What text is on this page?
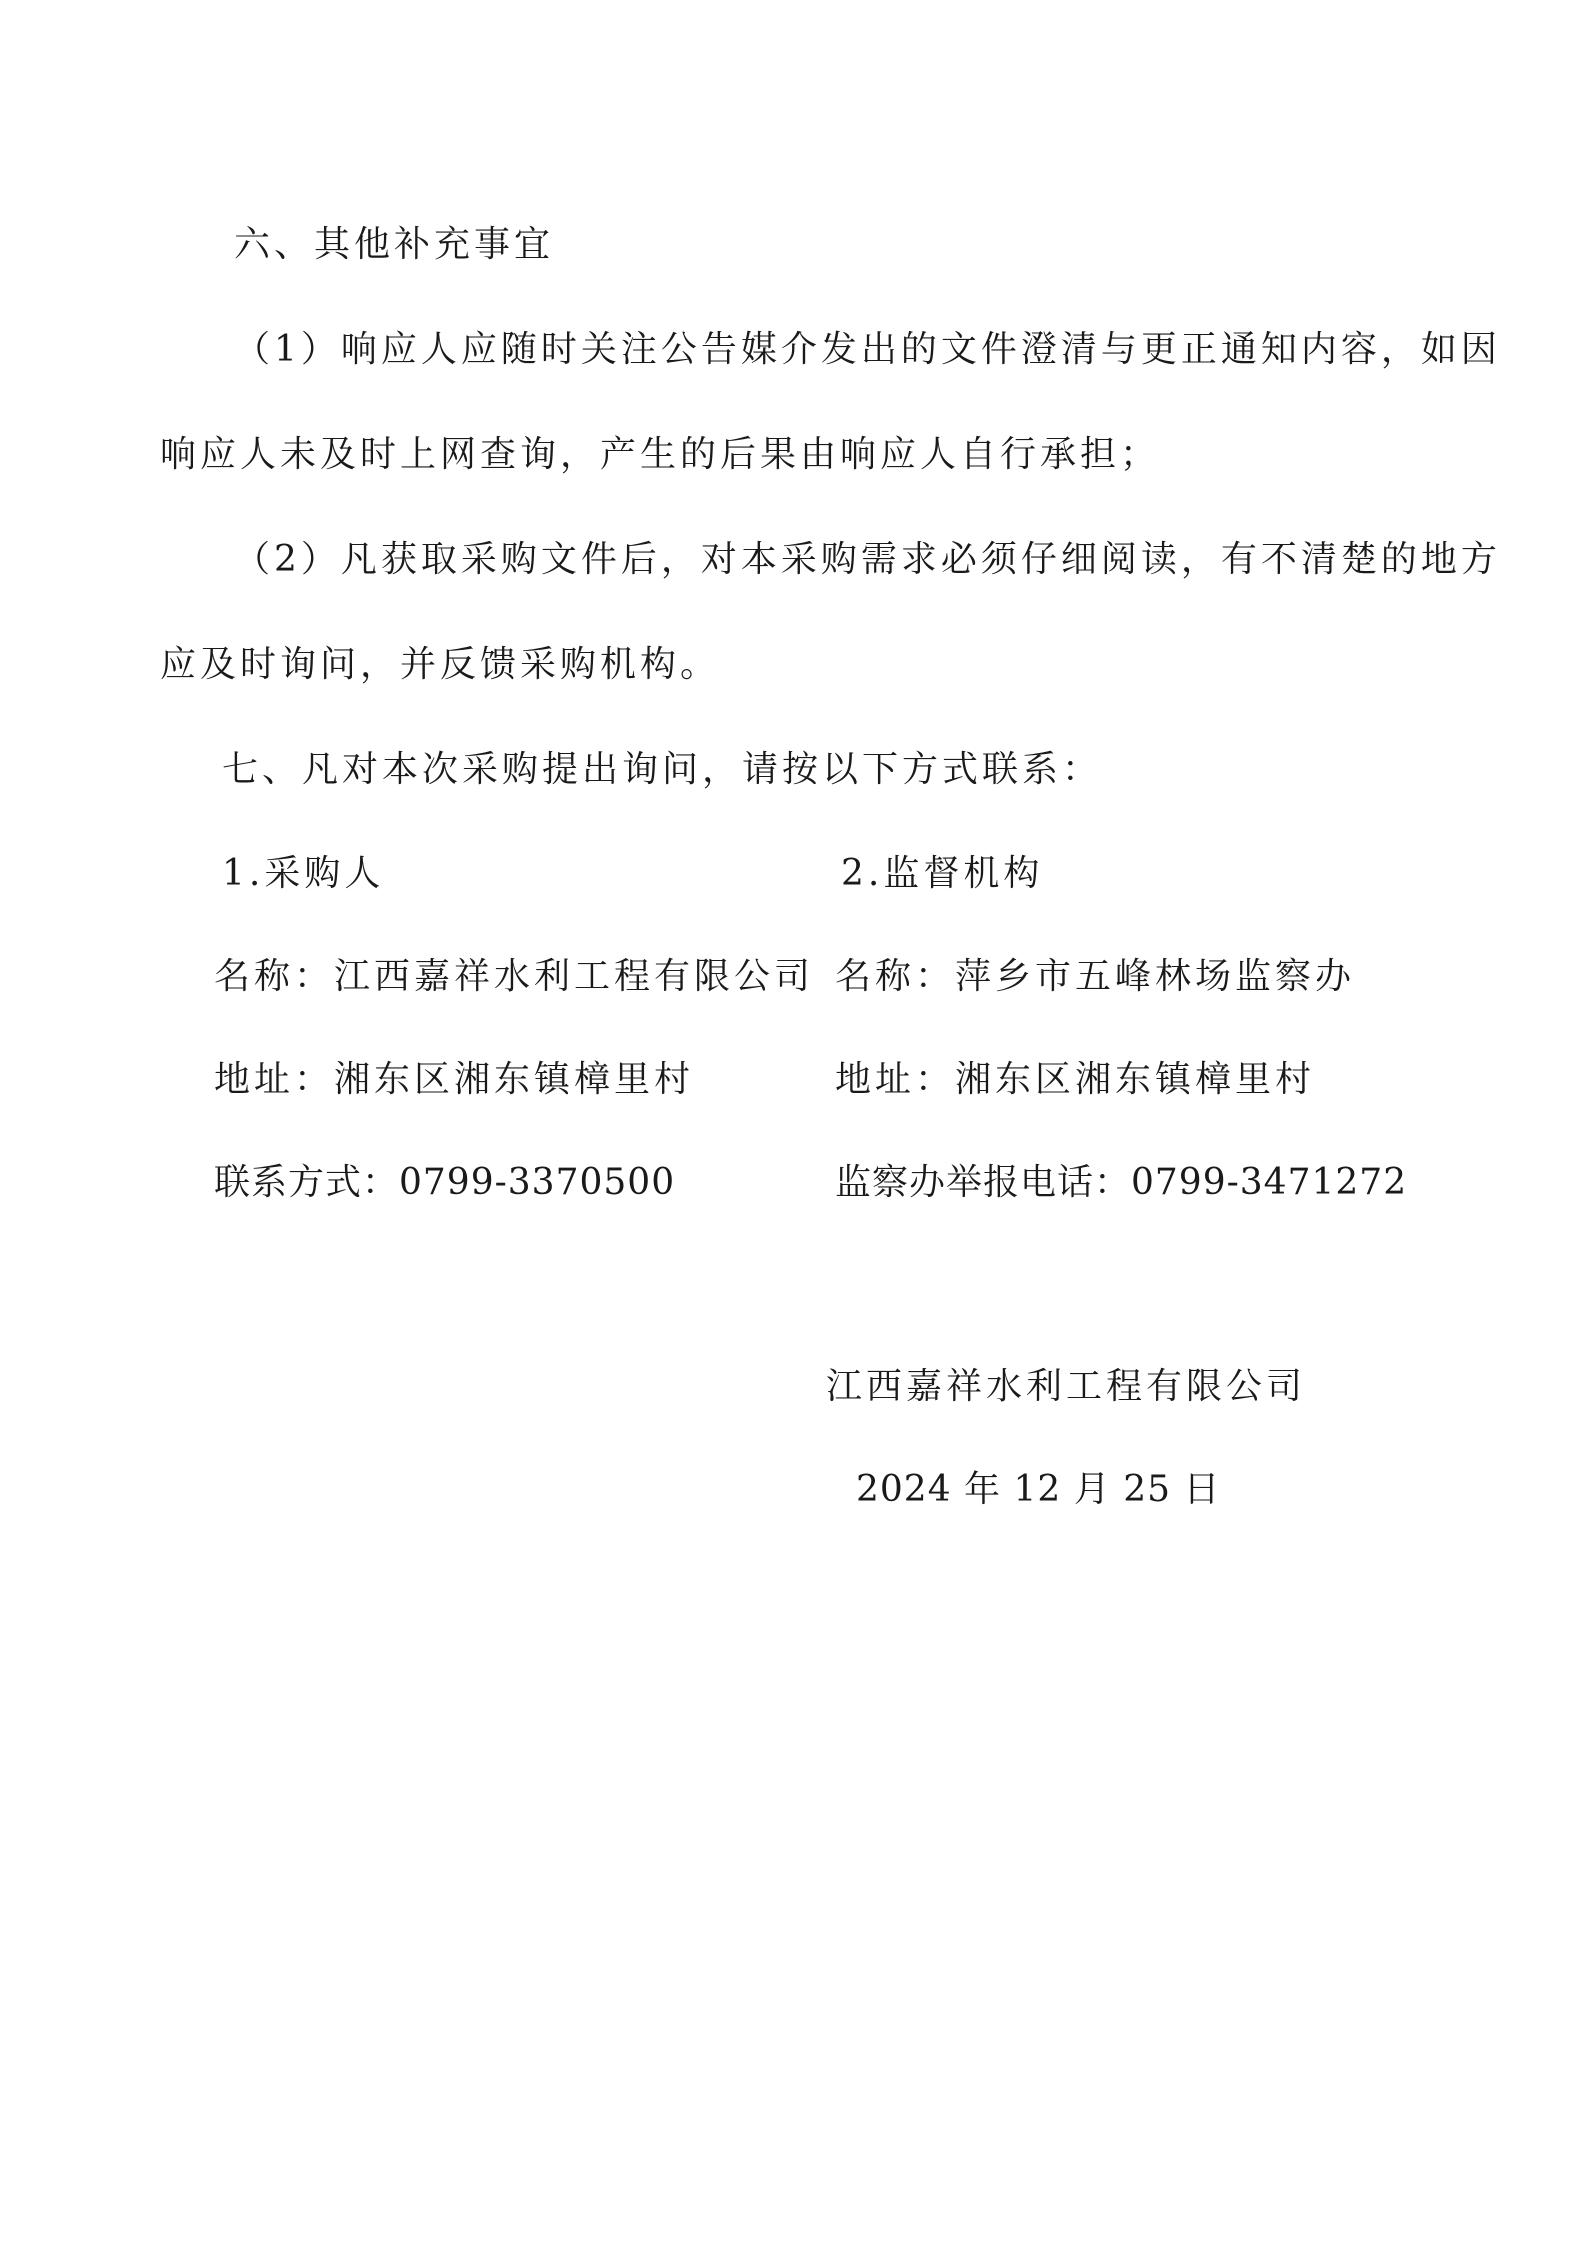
六、其他补充事宜
（1）响应人应随时关注公告媒介发出的文件澄清与更正通知内容，如因
响应人未及时上网查询，产生的后果由响应人自行承担；
（2）凡获取采购文件后，对本采购需求必须仔细阅读，有不清楚的地方
应及时询问，并反馈采购机构。
七、凡对本次采购提出询问，请按以下方式联系：
1.采购人
名称：江西嘉祥水利工程有限公司
地址：湘东区湘东镇樟里村
联系方式：0799-3370500
2.监督机构
名称：萍乡市五峰林场监察办
地址：湘东区湘东镇樟里村
监察办举报电话：0799-3471272
江西嘉祥水利工程有限公司
2024 年 12 月 25 日
